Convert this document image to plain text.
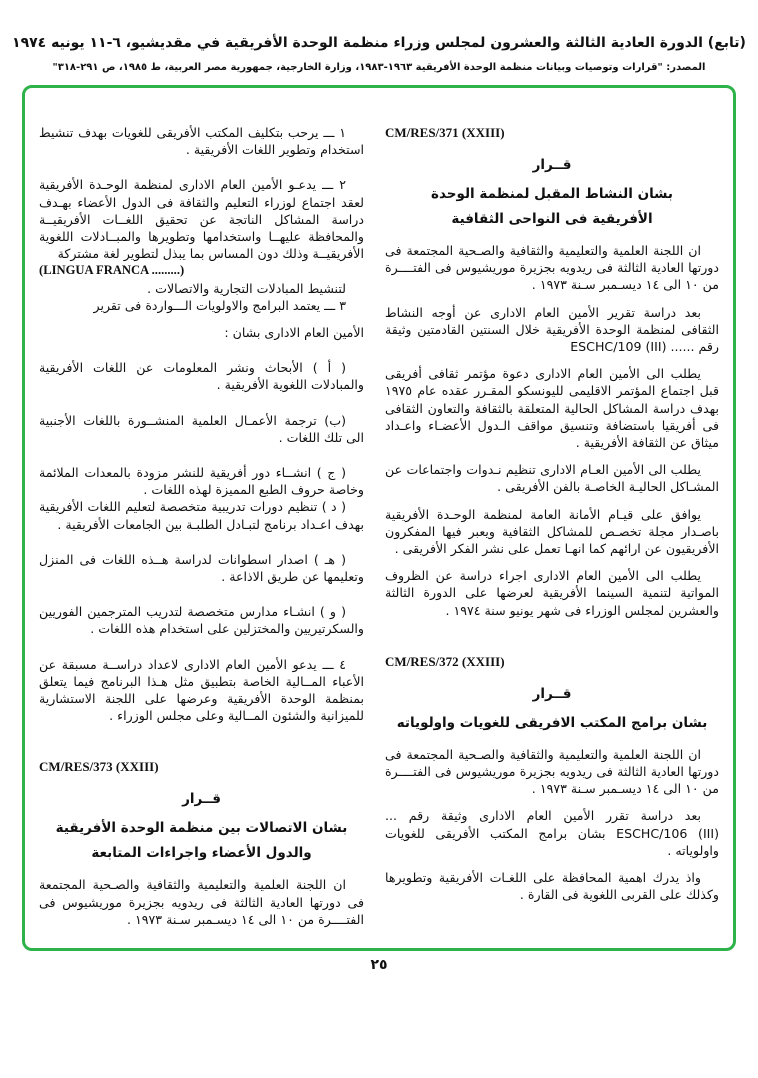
(تابع) الدورة العادية الثالثة والعشرون لمجلس وزراء منظمة الوحدة الأفريقية في مقديشيو، ٦-١١ يونيه ١٩٧٤
المصدر: "قرارات وتوصيات وبيانات منظمة الوحدة الأفريقية ١٩٦٣-١٩٨٣، وزارة الخارجية، جمهورية مصر العربية، ط ١٩٨٥، ص ٢٩١-٣١٨"
CM/RES/371 (XXIII)
قــرار
بشان النشاط المقبل لمنظمة الوحدة
الأفريقية فى النواحى الثقافية
ان اللجنة العلمية والتعليمية والثقافية والصـحية المجتمعة فى دورتها العادية الثالثة فى ريدويه بجزيرة موريشيوس فى الفتــــرة من ١٠ الى ١٤ ديسـمبر سـنة ١٩٧٣ .
بعد دراسة تقرير الأمين العام الادارى عن أوجه النشاط الثقافى لمنظمة الوحدة الأفريقية خلال السنتين القادمتين وثيقة رقم ...... ESCHC/109 (III)
يطلب الى الأمين العام الادارى دعوة مؤتمر ثقافى أفريقى قبل اجتماع المؤتمر الاقليمى لليونسكو المقـرر عقده عام ١٩٧٥ بهدف دراسة المشاكل الحالية المتعلقة بالثقافة والتعاون الثقافى فى أفريقيا باستضافة وتنسيق مواقف الـدول الأعضـاء واعـداد ميثاق عن الثقافة الأفريقية .
يطلب الى الأمين العـام الادارى تنظيم نـدوات واجتماعات عن المشـاكل الحاليـة الخاصـة بالفن الأفريقى .
يوافق على قيـام الأمانة العامة لمنظمة الوحـدة الأفريقية باصـدار مجلة تخصـص للمشاكل الثقافية ويعبر فيها المفكرون الأفريقيون عن ارائهم كما انهـا تعمل على نشر الفكر الأفريقى .
يطلب الى الأمين العام الادارى اجراء دراسة عن الظروف المواتية لتنمية السينما الأفريقية لعرضها على الدورة الثالثة والعشرين لمجلس الوزراء فى شهر يونيو سنة ١٩٧٤ .
CM/RES/372 (XXIII)
قــرار
بشان برامج المكتب الافريقى للغويات واولوياته
ان اللجنة العلمية والتعليمية والثقافية والصـحية المجتمعة فى دورتها العادية الثالثة فى ريدويه بجزيرة موريشيوس فى الفتــــرة من ١٠ الى ١٤ ديسـمبر سـنة ١٩٧٣ .
بعد دراسة تقرر الأمين العام الادارى وثيقة رقم ... ESCHC/106 (III) بشان برامج المكتب الأفريقى للغويات واولوياته .
واذ يدرك اهمية المحافظة على اللغـات الأفريقية وتطويرها وكذلك على القربى اللغوية فى القارة .
١ ـــ يرحب بتكليف المكتب الأفريقى للغويات بهدف تنشيط استخدام وتطوير اللغات الأفريقية .
٢ ـــ يدعـو الأمين العام الادارى لمنظمة الوحـدة الأفريقية لعقد اجتماع لوزراء التعليم والثقافة فى الدول الأعضاء بهـدف دراسة المشاكل الناتجة عن تحقيق اللغــات الأفريقيــة والمحافظة عليهــا واستخدامها وتطويرها والمبــادلات اللغوية الأفريقيــة وذلك دون المساس بما يبذل لتطوير لغة مشتركة
(LINGUA FRANCA .........)
لتنشيط المبادلات التجارية والاتصالات .
٣ ـــ يعتمد البرامج والاولويات الـــواردة فى تقرير
الأمين العام الادارى بشان :
( أ ) الأبحاث ونشر المعلومات عن اللغات الأفريقية والمبادلات اللغوية الأفريقية .
(ب) ترجمة الأعمـال العلمية المنشــورة باللغات الأجنبية الى تلك اللغات .
( ج ) انشــاء دور أفريقية للنشر مزودة بالمعدات الملائمة وخاصة حروف الطبع المميزة لهذه اللغات .
( د ) تنظيم دورات تدريبية متخصصة لتعليم اللغات الأفريقية بهدف اعـداد برنامج لتبـادل الطلبـة بين الجامعات الأفريقية .
( هـ ) اصدار اسطوانات لدراسة هــذه اللغات فى المنزل وتعليمها عن طريق الاذاعة .
( و ) انشـاء مدارس متخصصة لتدريب المترجمين الفوريين والسكرتيريين والمختزلين على استخدام هذه اللغات .
٤ ـــ يدعو الأمين العام الادارى لاعداد دراســة مسبقة عن الأعباء المــالية الخاصة بتطبيق مثل هـذا البرنامج فيما يتعلق بمنظمة الوحدة الأفريقية وعرضها على اللجنة الاستشارية للميزانية والشئون المــالية وعلى مجلس الوزراء .
CM/RES/373 (XXIII)
قــرار
بشان الاتصالات بين منظمة الوحدة الأفريقية
والدول الأعضاء واجراءات المتابعة
ان اللجنة العلمية والتعليمية والثقافية والصـحية المجتمعة فى دورتها العادية الثالثة فى ريدويه بجزيرة موريشيوس فى الفتــــرة من ١٠ الى ١٤ ديسـمبر سـنة ١٩٧٣ .
٢٥
